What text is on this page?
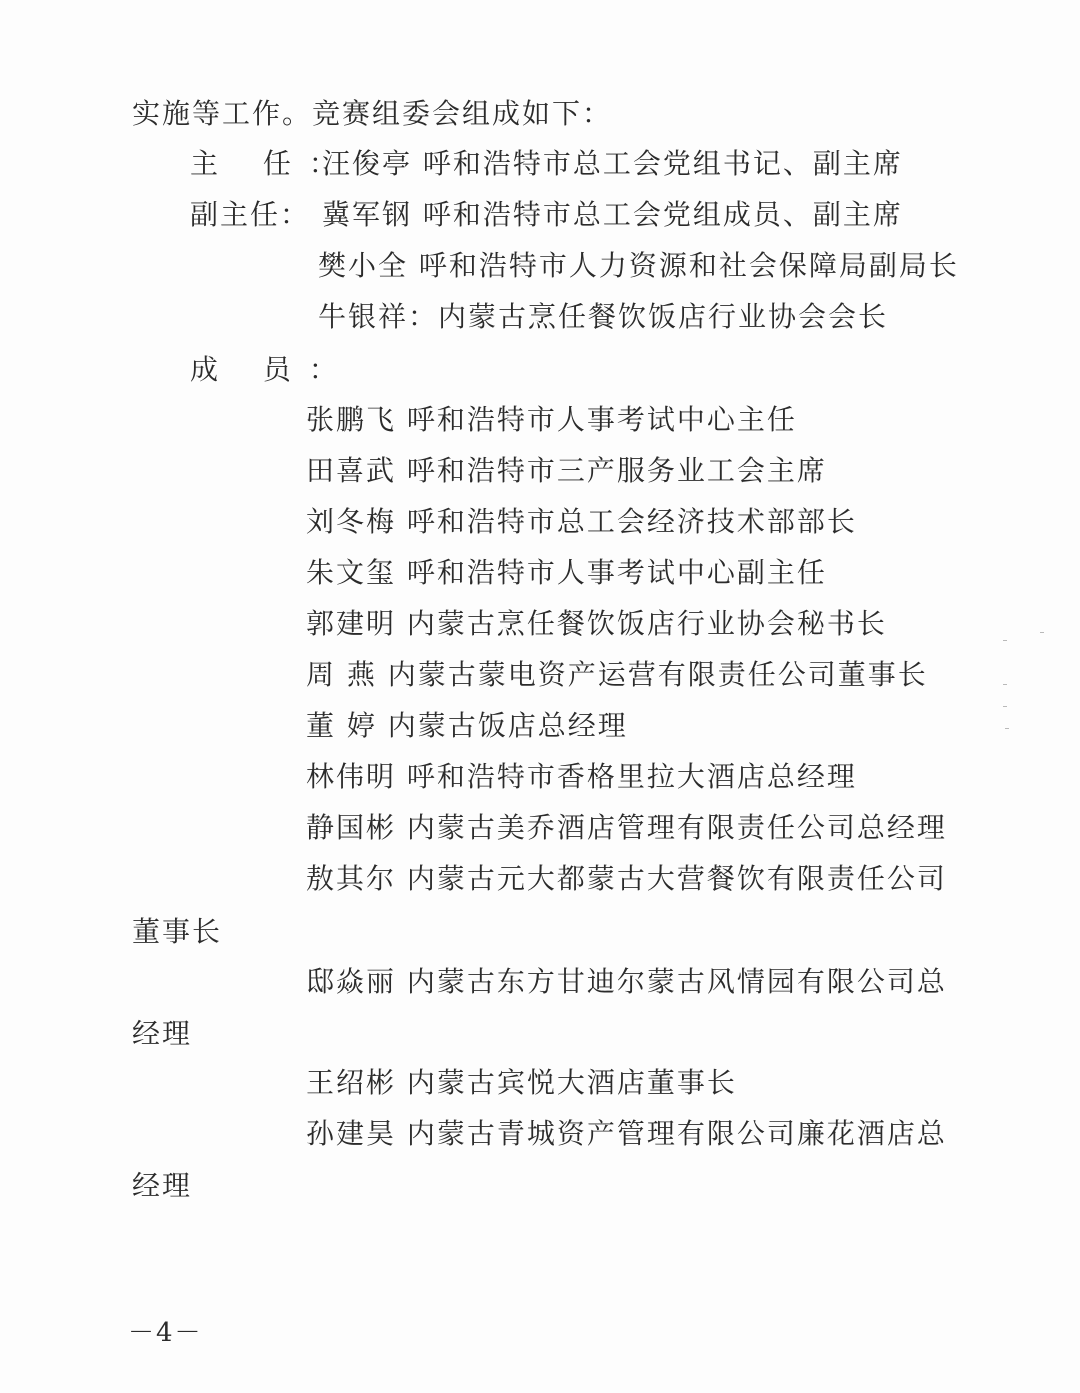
实施等工作。竞赛组委会组成如下：
主 任：
汪俊亭 呼和浩特市总工会党组书记、副主席
副主任： 冀军钢 呼和浩特市总工会党组成员、副主席
樊小全 呼和浩特市人力资源和社会保障局副局长
牛银祥：内蒙古烹任餐饮饭店行业协会会长
成 员：
张鹏飞 呼和浩特市人事考试中心主任
田喜武 呼和浩特市三产服务业工会主席
刘冬梅 呼和浩特市总工会经济技术部部长
朱文玺 呼和浩特市人事考试中心副主任
郭建明 内蒙古烹任餐饮饭店行业协会秘书长
周 燕 内蒙古蒙电资产运营有限责任公司董事长
董 婷 内蒙古饭店总经理
林伟明 呼和浩特市香格里拉大酒店总经理
静国彬 内蒙古美乔酒店管理有限责任公司总经理
敖其尔 内蒙古元大都蒙古大营餐饮有限责任公司
董事长
邸焱丽 内蒙古东方甘迪尔蒙古风情园有限公司总
经理
王绍彬 内蒙古宾悦大酒店董事长
孙建昊 内蒙古青城资产管理有限公司廉花酒店总
经理
－4－
